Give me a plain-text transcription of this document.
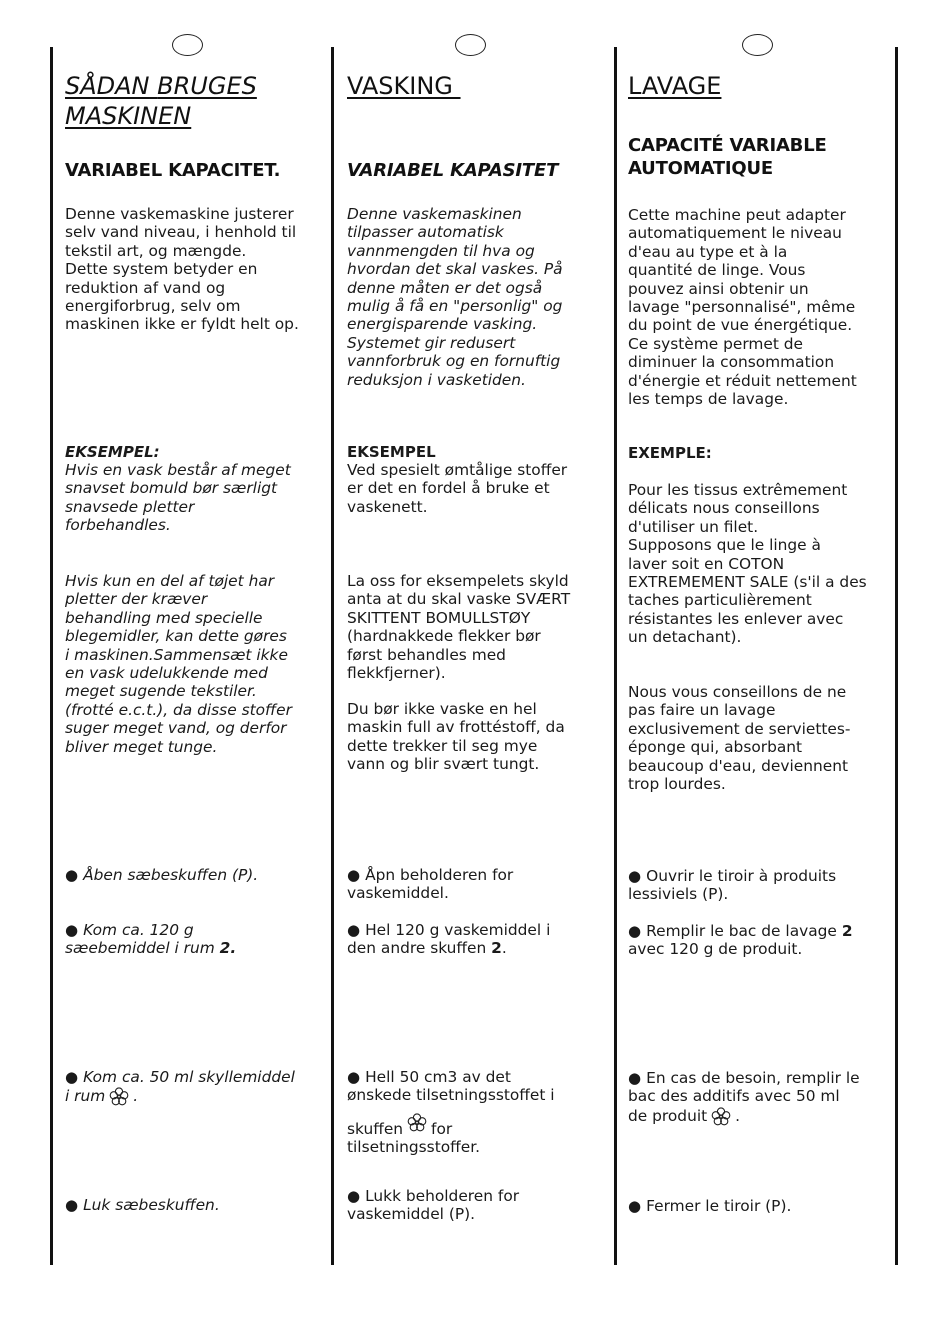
SÅDAN BRUGES
MASKINEN
VARIABEL KAPACITET.

Denne vaskemaskine justerer
selv vand niveau, i henhold til
tekstil art, og mængde.
Dette system betyder en
reduktion af vand og
energiforbrug, selv om
maskinen ikke er fyldt helt op.

EKSEMPEL:

Hvis en vask består af meget
snavset bomuld bør særligt
snavsede pletter
forbehandles.

Hvis kun en del af tøjet har
pletter der kræver
behandling med specielle
blegemidler, kan dette gøres
i maskinen.Sammensæt ikke
en vask udelukkende med
meget sugende tekstiler.
(frotté e.c.t.), da disse stoffer
suger meget vand, og derfor
bliver meget tunge.

● Åben sæbeskuffen (P).

● Kom ca. 120 g
sæebemiddel i rum 2.

● Kom ca. 50 ml skyllemiddel
i rum .

● Luk sæbeskuffen.

VASKING
VARIABEL KAPASITET

Denne vaskemaskinen
tilpasser automatisk
vannmengden til hva og
hvordan det skal vaskes. På
denne måten er det også
mulig å få en "personlig" og
energisparende vasking.
Systemet gir redusert
vannforbruk og en fornuftig
reduksjon i vasketiden.

EKSEMPEL

Ved spesielt ømtålige stoffer
er det en fordel å bruke et
vaskenett.

La oss for eksempelets skyld
anta at du skal vaske SVÆRT
SKITTENT BOMULLSTØY
(hardnakkede flekker bør
først behandles med
flekkfjerner).

Du bør ikke vaske en hel
maskin full av frottéstoff, da
dette trekker til seg mye
vann og blir svært tungt.

● Åpn beholderen for
vaskemiddel.

● Hel 120 g vaskemiddel i
den andre skuffen 2.

● Hell 50 cm3 av det
ønskede tilsetningsstoffet i

skuffen for
tilsetningsstoffer.

● Lukk beholderen for
vaskemiddel (P).

LAVAGE
CAPACITÉ VARIABLE
AUTOMATIQUE

Cette machine peut adapter
automatiquement le niveau
d'eau au type et à la
quantité de linge. Vous
pouvez ainsi obtenir un
lavage "personnalisé", même
du point de vue énergétique.
Ce système permet de
diminuer la consommation
d'énergie et réduit nettement
les temps de lavage.

EXEMPLE:

Pour les tissus extrêmement
délicats nous conseillons
d'utiliser un filet.
Supposons que le linge à
laver soit en COTON
EXTREMEMENT SALE (s'il a des
taches particulièrement
résistantes les enlever avec
un detachant).

Nous vous conseillons de ne
pas faire un lavage
exclusivement de serviettes-
éponge qui, absorbant
beaucoup d'eau, deviennent
trop lourdes.

● Ouvrir le tiroir à produits
lessiviels (P).

● Remplir le bac de lavage 2
avec 120 g de produit.

● En cas de besoin, remplir le
bac des additifs avec 50 ml
de produit .

● Fermer le tiroir (P).
